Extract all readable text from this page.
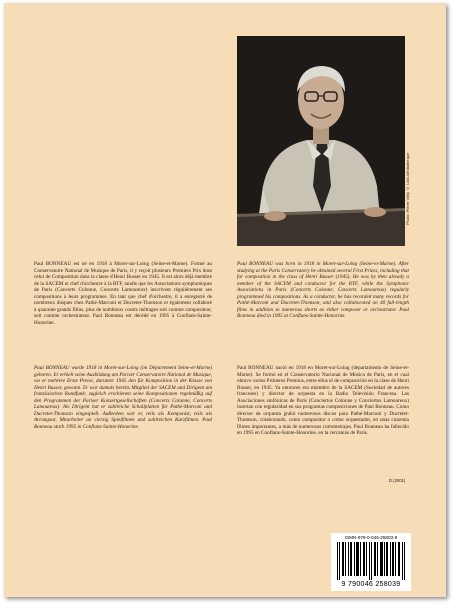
Photo: Pierre Vilby © Lido-Médiathèque

Paul BONNEAU est né en 1918 à Moret-sur-Loing (Seine-et-Marne). Formé au Conservatoire National de Musique de Paris, il y reçoit plusieurs Premiers Prix dont celui de Composition dans la classe d'Henri Busser en 1945. Il est alors déjà membre de la SACEM et chef d'orchestre à la RTF, tandis que les Associations symphoniques de Paris (Concerts Colonne, Concerts Lamoureux) inscrivent régulièrement ses compositions à leurs programmes. En tant que chef d'orchestre, il a enregistré de nombreux disques chez Pathé-Marconi et Ducretet-Thomson et également collaboré à quarante grands films, plus de nombreux courts métrages soit comme compositeur, soit comme orchestrateur. Paul Bonneau est décédé en 1995 à Conflans-Sainte-Honorine.

Paul BONNEAU was born in 1918 in Moret-sur-Loing (Seine-et-Marne). After studying at the Paris Conservatory he obtained several First Prizes, including that for composition in the class of Henri Busser (1945). He was by then already a member of the SACEM and conductor for the RTF, while the Symphonic Associations in Paris (Concerts Colonne, Concerts Lamoureux) regularly programmed his compositions. As a conductor, he has recorded many records for Pathé-Marconi and Ducretet-Thomson, and also collaborated on 40 full-length films in addition to numerous shorts as either composer or orchestrator. Paul Bonneau died in 1995 at Conflans-Sainte-Honorine.

Paul BONNEAU wurde 1918 in Moret-sur-Loing (im Département Seine-et-Marne) geboren. Er erhielt seine Ausbildung am Pariser Conservatoire National de Musique, wo er mehrere Erste Preise, darunter 1945 den für Komposition in der Klasse von Henri Busser, gewann. Er war damals bereits Mitglied der SACEM und Dirigent am französischen Rundfunk; zugleich erschienen seine Kompositionen regelmäßig auf den Programmen der Pariser Konzertgesellschaften (Concerts Colonne, Concerts Lamoureux). Als Dirigent hat er zahlreiche Schallplatten für Pathé-Marconi und Ducretet-Thomson eingespielt. Außerdem war er, teils als Komponist, teils als Arrangeur, Mitarbeiter an vierzig Spielfilmen und zahlreichen Kurzfilmen. Paul Bonneau starb 1995 in Conflans-Sainte-Honorine.

Paul BONNEAU nació en 1918 en Moret-sur-Loing (departamento de Seine-et-Marne). Se formó en el Conservatorio Nacional de Música de París, en el cual obtuvo varios Primeros Premios, entre ellos el de composición en la clase de Henri Busser, en 1945. Ya entonces era miembro de la SACEM (Sociedad de autores franceses) y director de orquesta en la Radio Televisión Francesa. Las Asociaciones sinfónicas de París (Conciertos Colonne y Conciertos Lamoureux) insertan con regularidad en sus programas composiciones de Paul Bonneau. Como director de orquesta grabó numerosos discos para Pathé-Marconi y Ducretet-Thomson, colaborando, como compositor o como orquestador, en unas cuarenta filmes importantes, a más de numerosos cortometrajes. Paul Bonneau ha fallecido en 1995 en Conflans-Sainte-Honorine, en la cercanías de París.

D.(2001)
ISMN-979-0-046-25803-9
9 790046 258039
